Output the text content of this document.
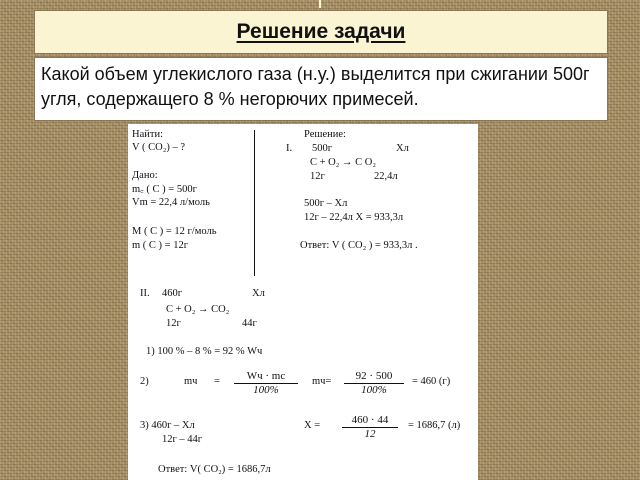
Решение задачи
Какой объем углекислого газа (н.у.) выделится при сжигании 500г угля, содержащего 8 % негорючих примесей.
Найти:
V ( CO₂) – ?
Дано:
m꜀ ( C ) = 500г
Vm = 22,4 л/моль
M ( C ) = 12 г/моль
m ( C ) = 12г
Решение:
I. 500г	Хл
C + O₂ → C O₂
12г	22,4л
500г – Хл
12г – 22,4л Х = 933,3л
Ответ: V ( CO₂ ) = 933,3л .
II. 460г	Хл
C + O₂ → CO₂
12г	44г
1) 100 % – 8 % = 92 % Wч
2)	mч =	Wч · mс
100%
$mч= \frac{92 \cdot 500}{100\%} = 460$ (г)
3) 460г – Хл
12г – 44г
$Х = \frac{460 \cdot 44}{12} = 1686,7$ (л)
Ответ: V( CO₂) = 1686,7л
